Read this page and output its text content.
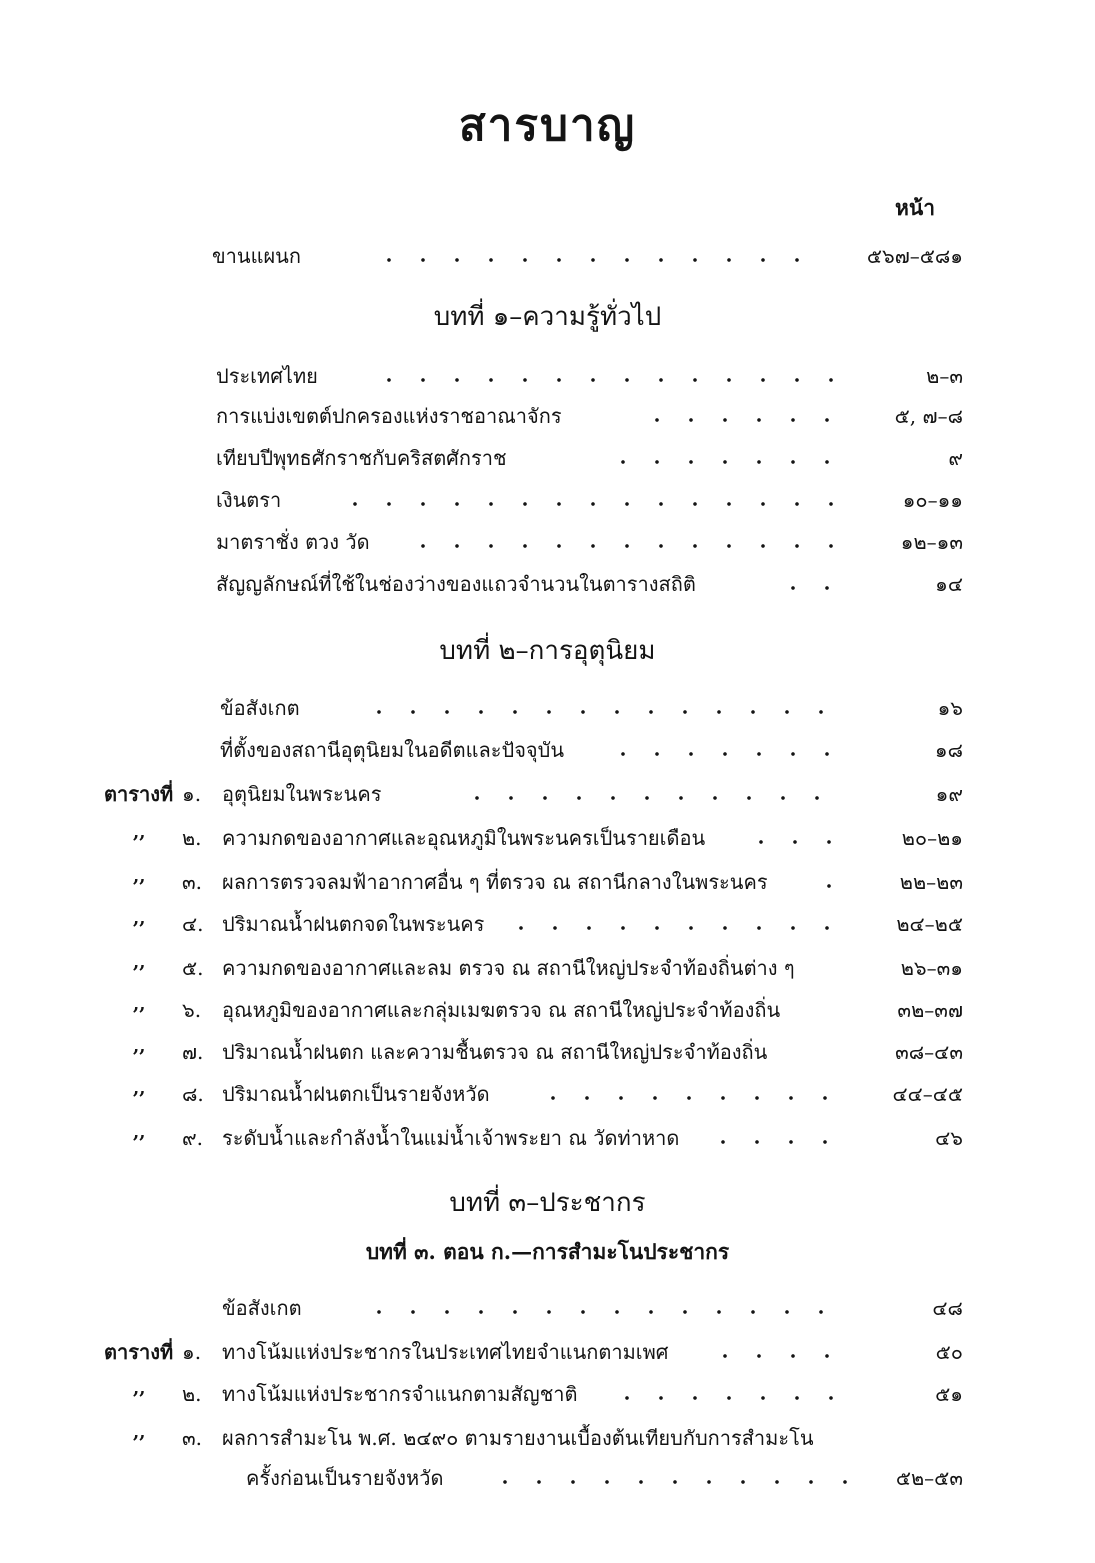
สารบาญ
หน้า
ขานแผนก	๕๖๗–๕๘๑
บทที่ ๑–ความรู้ทั่วไป
ประเทศไทย	๒–๓
การแบ่งเขตต์ปกครองแห่งราชอาณาจักร	๕, ๗–๘
เทียบปีพุทธศักราชกับคริสตศักราช	๙
เงินตรา	๑๐–๑๑
มาตราชั่ง ตวง วัด	๑๒–๑๓
สัญญลักษณ์ที่ใช้ในช่องว่างของแถวจำนวนในตารางสถิติ	๑๔
บทที่ ๒–การอุตุนิยม
ข้อสังเกต	๑๖
ที่ตั้งของสถานีอุตุนิยมในอดีตและปัจจุบัน	๑๘
ตารางที่ ๑.	อุตุนิยมในพระนคร	๑๙
,, ๒.	ความกดของอากาศและอุณหภูมิในพระนครเป็นรายเดือน	๒๐–๒๑
,, ๓. ผลการตรวจลมฟ้าอากาศอื่น ๆ ที่ตรวจ ณ สถานีกลางในพระนคร	๒๒–๒๓
,, ๔. ปริมาณน้ำฝนตกจดในพระนคร	๒๔–๒๕
,, ๕. ความกดของอากาศและลม ตรวจ ณ สถานีใหญ่ประจำท้องถิ่นต่าง ๆ	๒๖–๓๑
,, ๖.	อุณหภูมิของอากาศและกลุ่มเมฆตรวจ ณ สถานีใหญ่ประจำท้องถิ่น	๓๒–๓๗
,, ๗. ปริมาณน้ำฝนตก และความชื้นตรวจ ณ สถานีใหญ่ประจำท้องถิ่น	๓๘–๔๓
,, ๘. ปริมาณน้ำฝนตกเป็นรายจังหวัด	๔๔–๔๕
,, ๙. ระดับน้ำและกำลังน้ำในแม่น้ำเจ้าพระยา ณ วัดท่าหาด	๔๖
บทที่ ๓–ประชากร
บทที่ ๓. ตอน ก.—การสำมะโนประชากร
ข้อสังเกต	๔๘
ตารางที่ ๑.	ทางโน้มแห่งประชากรในประเทศไทยจำแนกตามเพศ	๕๐
,, ๒.	ทางโน้มแห่งประชากรจำแนกตามสัญชาติ	๕๑
,, ๓. ผลการสำมะโน พ.ศ. ๒๔๙๐ ตามรายงานเบื้องต้นเทียบกับการสำมะโน
ครั้งก่อนเป็นรายจังหวัด	๕๒–๕๓
